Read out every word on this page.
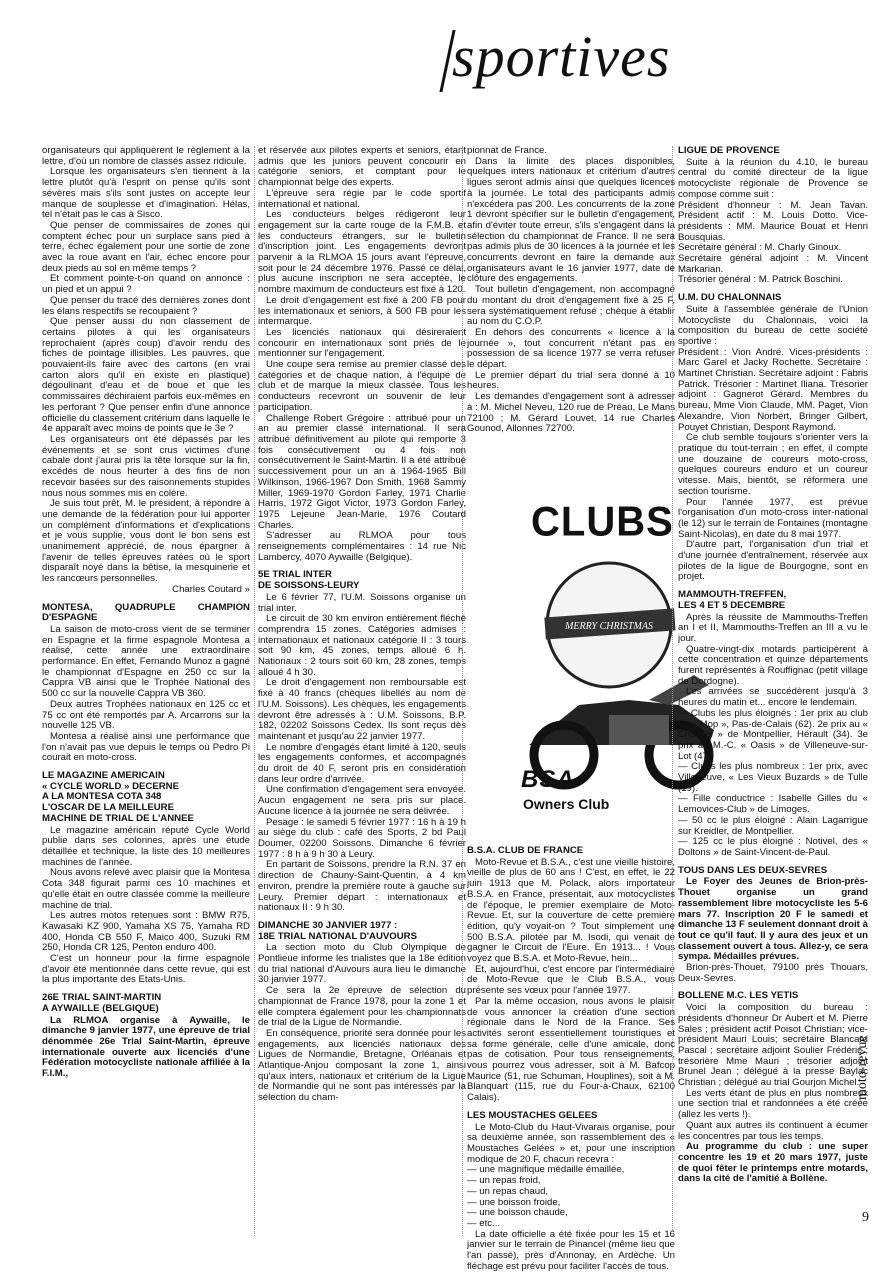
sportives

organisateurs qui appliquèrent le règlement à la lettre, d'où un nombre de classés assez ridicule.

Lorsque les organisateurs s'en tiennent à la lettre plutôt qu'à l'esprit on pense qu'ils sont sévères mais s'ils sont justes on accepte leur manque de souplesse et d'imagination. Hélas, tel n'était pas le cas à Sisco.

Que penser de commissaires de zones qui comptent échec pour un surplace sans pied à terre, échec également pour une sortie de zone avec la roue avant en l'air, échec encore pour deux pieds au sol en même temps ?

Et comment pointe-t-on quand on annonce : un pied et un appui ?

Que penser du tracé des dernières zones dont les élans respectifs se recoupaient ?

Que penser aussi du non classement de certains pilotes à qui les organisateurs reprochaient (après coup) d'avoir rendu des fiches de pointage illisibles. Les pauvres, que pouvaient-ils faire avec des cartons (en vrai carton alors qu'il en existe en plastique) dégoulinant d'eau et de boue et que les commissaires déchiraient parfois eux-mêmes en les perforant ? Que penser enfin d'une annonce officielle du classement critérium dans laquelle le 4e apparaît avec moins de points que le 3e ?

Les organisateurs ont été dépassés par les événements et se sont crus victimes d'une cabale dont j'aurai pris la tête lorsque sur la fin, excédés de nous heurter à des fins de non recevoir basées sur des raisonnements stupides nous nous sommes mis en colère.

Je suis tout prêt, M. le président, à répondre à une demande de la fédération pour lui apporter un complément d'informations et d'explications et je vous supplie, vous dont le bon sens est unanimement apprécié, de nous épargner à l'avenir de telles épreuves ratées où le sport disparaît noyé dans la bêtise, la mesquinerie et les rancœurs personnelles.

Charles Coutard »

MONTESA, QUADRUPLE CHAMPION D'ESPAGNE

La saison de moto-cross vient de se terminer en Espagne et la firme espagnole Montesa a réalisé, cette année une extraordinaire performance. En effet, Fernando Munoz a gagné le championnat d'Espagne en 250 cc sur la Cappra VB ainsi que le Trophée National des 500 cc sur la nouvelle Cappra VB 360.

Deux autres Trophées nationaux en 125 cc et 75 cc ont été remportés par A. Arcarrons sur la nouvelle 125 VB.

Montesa a réalisé ainsi une performance que l'on n'avait pas vue depuis le temps où Pedro Pi courait en moto-cross.

LE MAGAZINE AMERICAIN
« CYCLE WORLD » DECERNE
A LA MONTESA COTA 348
L'OSCAR DE LA MEILLEURE
MACHINE DE TRIAL DE L'ANNEE

Le magazine américain réputé Cycle World publie dans ses colonnes, après une étude détaillée et technique, la liste des 10 meilleures machines de l'année.

Nous avons relevé avec plaisir que la Montesa Cota 348 figurait parmi ces 10 machines et qu'elle était en outre classée comme la meilleure machine de trial.

Les autres motos retenues sont : BMW R75, Kawasaki KZ 900, Yamaha XS 75, Yamaha RD 400, Honda CB 550 F, Maico 400, Suzuki RM 250, Honda CR 125, Penton enduro 400.

C'est un honneur pour la firme espagnole d'avoir été mentionnée dans cette revue, qui est la plus importante des Etats-Unis.

26E TRIAL SAINT-MARTIN
A AYWAILLE (BELGIQUE)

La RLMOA organise à Aywaille, le dimanche 9 janvier 1977, une épreuve de trial dénommée 26e Trial Saint-Martin, épreuve internationale ouverte aux licenciés d'une Fédération motocycliste nationale affiliée à la F.I.M.,

et réservée aux pilotes experts et seniors, étant admis que les juniors peuvent concourir en catégorie seniors, et comptant pour le championnat belge des experts.

L'épreuve sera régie par le code sportif international et national.

Les conducteurs belges rédigeront leur engagement sur la carte rouge de la F.M.B. et les conducteurs étrangers, sur le bulletin d'inscription joint. Les engagements devront parvenir à la RLMOA 15 jours avant l'épreuve, soit pour le 24 décembre 1976. Passé ce délai, plus aucune inscription ne sera acceptée, le nombre maximum de conducteurs est fixé à 120.

Le droit d'engagement est fixé à 200 FB pour les internationaux et seniors, à 500 FB pour les intermarque.

Les licenciés nationaux qui désireraient concourir en internationaux sont priés de le mentionner sur l'engagement.

Une coupe sera remise au premier classé des catégories et de chaque nation, à l'équipe de club et de marque la mieux classée. Tous les conducteurs recevront un souvenir de leur participation.

Challenge Robert Grégoire : attribué pour un an au premier classé international. Il sera attribué définitivement au pilote qui remporte 3 fois consécutivement ou 4 fois non consécutivement le Saint-Martin. Il a été attribué successivement pour un an à 1964-1965 Bill Wilkinson, 1966-1967 Don Smith, 1968 Sammy Miller, 1969-1970 Gordon Farley, 1971 Charlie Harris, 1972 Gigot Victor, 1973 Gordon Farley, 1975 Lejeune Jean-Marie, 1976 Coutard Charles.

S'adresser au RLMOA pour tous renseignements complémentaires : 14 rue Nic Lambercy, 4070 Aywaille (Belgique).

5E TRIAL INTER
DE SOISSONS-LEURY

Le 6 février 77, l'U.M. Soissons organise un trial inter.

Le circuit de 30 km environ entièrement fléché comprendra 15 zones. Catégories admises : internationaux et nationaux catégorie II : 3 tours soit 90 km, 45 zones, temps alloué 6 h. Nationaux : 2 tours soit 60 km, 28 zones, temps alloué 4 h 30.

Le droit d'engagement non remboursable est fixé à 40 francs (chèques libellés au nom de l'U.M. Soissons). Les chèques, les engagements devront être adressés à : U.M. Soissons, B.P. 182, 02202 Soissons Cedex. Ils sont reçus dès maintenant et jusqu'au 22 janvier 1977.

Le nombre d'engagés étant limité à 120, seuls les engagements conformes, et accompagnés du droit de 40 F, seront pris en considération dans leur ordre d'arrivée.

Une confirmation d'engagement sera envoyée. Aucun engagement ne sera pris sur place. Aucune licence à la journée ne sera délivrée.

Pesage : le samedi 5 février 1977 : 16 h à 19 h au siège du club : café des Sports, 2 bd Paul Doumer, 02200 Soissons. Dimanche 6 février 1977 : 8 h à 9 h 30 à Leury.

En partant de Soissons, prendre la R.N. 37 en direction de Chauny-Saint-Quentin, à 4 km environ, prendre la première route à gauche sur Leury. Premier départ : internationaux et nationaux II : 9 h 30.

DIMANCHE 30 JANVIER 1977 :
18E TRIAL NATIONAL D'AUVOURS

La section moto du Club Olympique de Pontlieue informe les trialistes que la 18e édition du trial national d'Auvours aura lieu le dimanche 30 janvier 1977.

Ce sera la 2e épreuve de sélection du championnat de France 1978, pour la zone 1 et elle comptera également pour les championnats de trial de la Ligue de Normandie.

En conséquence, priorité sera donnée pour les engagements, aux licenciés nationaux des Ligues de Normandie, Bretagne, Orléanais et Atlantique-Anjou composant la zone 1, ainsi qu'aux inters, nationaux et critérium de la Ligue de Normandie qui ne sont pas intéressés par la sélection du cham-

pionnat de France.

Dans la limite des places disponibles, quelques inters nationaux et critérium d'autres ligues seront admis ainsi que quelques licences à la journée. Le total des participants admis n'excédera pas 200. Les concurrents de la zone 1 devront spécifier sur le bulletin d'engagement, afin d'éviter toute erreur, s'ils s'engagent dans la sélection du championnat de France. Il ne sera pas admis plus de 30 licences à la journée et les concurrents devront en faire la demande aux organisateurs avant le 16 janvier 1977, date de clôture des engagements.

Tout bulletin d'engagement, non accompagné du montant du droit d'engagement fixé à 25 F, sera systématiquement refusé ; chèque à établir au nom du C.O.P.

En dehors des concurrents « licence à la journée », tout concurrent n'étant pas en possession de sa licence 1977 se verra refuser le départ.

Le premier départ du trial sera donné à 10 heures.

Les demandes d'engagement sont à adresser à : M. Michel Neveu, 120 rue de Préau, Le Mans 72100 ; M. Gérard Louvet, 14 rue Charles Gounod, Allonnes 72700.

CLUBS
MERRY CHRISTMAS
BSA
Owners Club
B.S.A. CLUB DE FRANCE

Moto-Revue et B.S.A., c'est une vieille histoire, vieille de plus de 60 ans ! C'est, en effet, le 22 juin 1913 que M. Polack, alors importateur B.S.A. en France, présentait, aux motocyclistes de l'époque, le premier exemplaire de Moto-Revue. Et, sur la couverture de cette première édition, qu'y voyait-on ? Tout simplement une 500 B.S.A. pilotée par M. Isodi, qui venait de gagner le Circuit de l'Eure. En 1913... ! Vous voyez que B.S.A. et Moto-Revue, hein...

Et, aujourd'hui, c'est encore par l'intermédiaire de Moto-Revue que le Club B.S.A., vous présente ses vœux pour l'année 1977.

Par la même occasion, nous avons le plaisir de vous annoncer la création d'une section régionale dans le Nord de la France. Ses activités seront essentiellement touristiques et sa forme générale, celle d'une amicale, donc pas de cotisation. Pour tous renseignements, vous pourrez vous adresser, soit à M. Bafcop Maurice (51, rue Schuman, Houplines), soit à M. Blanquart (115, rue du Four-à-Chaux, 62100 Calais).

LES MOUSTACHES GELEES

Le Moto-Club du Haut-Vivarais organise, pour sa deuxième année, son rassemblement des « Moustaches Gelées » et, pour une inscription modique de 20 F, chacun recevra :

— une magnifique médaille émaillée,

— un repas froid,

— un repas chaud,

— une boisson froide,

— une boisson chaude,

— etc...

La date officielle a été fixée pour les 15 et 16 janvier sur le terrain de Pinancel (même lieu que l'an passé), près d'Annonay, en Ardèche. Un fléchage est prévu pour faciliter l'accès de tous.

LIGUE DE PROVENCE

Suite à la réunion du 4.10, le bureau central du comité directeur de la ligue motocycliste régionale de Provence se compose comme suit :

Président d'honneur : M. Jean Tavan. Président actif : M. Louis Dotto. Vice-présidents : MM. Maurice Bouat et Henri Bousquias.

Secrétaire général : M. Charly Ginoux.

Secrétaire général adjoint : M. Vincent Markarian.

Trésorier général : M. Patrick Boschini.

U.M. DU CHALONNAIS

Suite à l'assemblée générale de l'Union Motocycliste du Chalonnais, voici la composition du bureau de cette société sportive :

Président : Vion André. Vices-présidents : Marc Garel et Jacky Rochette. Secrétaire : Martinet Christian. Secrétaire adjoint : Fabris Patrick. Trésorier : Martinet Iliana. Trésorier adjoint : Gagnerot Gérard. Membres du bureau, Mme Vion Claude, MM. Paget, Vion Alexandre, Vion Norbert, Bringer Gilbert, Pouyet Christian, Despont Raymond.

Ce club semble toujours s'orienter vers la pratique du tout-terrain ; en effet, il compte une douzaine de coureurs moto-cross, quelques coureurs enduro et un coureur vitesse. Mais, bientôt, se réformera une section tourisme.

Pour l'année 1977, est prévue l'organisation d'un moto-cross inter-national (le 12) sur le terrain de Fontaines (montagne Saint-Nicolas), en date du 8 mai 1977.

D'autre part, l'organisation d'un trial et d'une journée d'entraînement, réservée aux pilotes de la ligue de Bourgogne, sont en projet.

MAMMOUTH-TREFFEN,
LES 4 ET 5 DECEMBRE

Après la réussite de Mammouths-Treffen an I et II, Mammouths-Treffen an III a vu le jour.

Quatre-vingt-dix motards participèrent à cette concentration et quinze départements furent représentés à Rouffignac (petit village de Dordogne).

Les arrivées se succédèrent jusqu'à 3 heures du matin et... encore le lendemain.

— Clubs les plus éloignés : 1er prix au club de « Mop », Pas-de-Calais (62). 2e prix au « Chacals » de Montpellier, Hérault (34). 3e prix au M.-C. « Oasis » de Villeneuve-sur-Lot (47).

— Clubs les plus nombreux : 1er prix, avec Villeneuve, « Les Vieux Buzards » de Tulle (19).

— Fille conductrice : Isabelle Gilles du « Lemovices-Club » de Limoges.

— 50 cc le plus éloigné : Alain Lagarrigue sur Kreidler, de Montpellier.

— 125 cc le plus éloigné : Notivel, des « Doltons » de Saint-Vincent-de-Paul.

TOUS DANS LES DEUX-SEVRES

Le Foyer des Jeunes de Brion-près-Thouet organise un grand rassemblement libre motocycliste les 5-6 mars 77. Inscription 20 F le samedi et dimanche 13 F seulement donnant droit à tout ce qu'il faut. Il y aura des jeux et un classement ouvert à tous. Allez-y, ce sera sympa. Médailles prévues.

Brion-près-Thouet, 79100 près Thouars, Deux-Sevres.

BOLLENE M.C. LES YETIS

Voici la composition du bureau : présidents d'honneur Dr Aubert et M. Pierre Sales ; président actif Poisot Christian; vice-président Mauri Louis; secrétaire Blancard Pascal ; secrétaire adjoint Soulier Frédéric ; trésorière Mme Mauri ; trésorier adjoint Brunel Jean ; délégué à la presse Baylac Christian ; délégué au trial Gourjon Michel.

Les verts étant de plus en plus nombreux une section trial et randonnées a été créée (allez les verts !).

Quant aux autres ils continuent à écumer les concentres par tous les temps.

Au programme du club : une super concentre les 19 et 20 mars 1977, juste de quoi fêter le printemps entre motards, dans la cité de l'amitié à Bollène.

moto-revue
9
